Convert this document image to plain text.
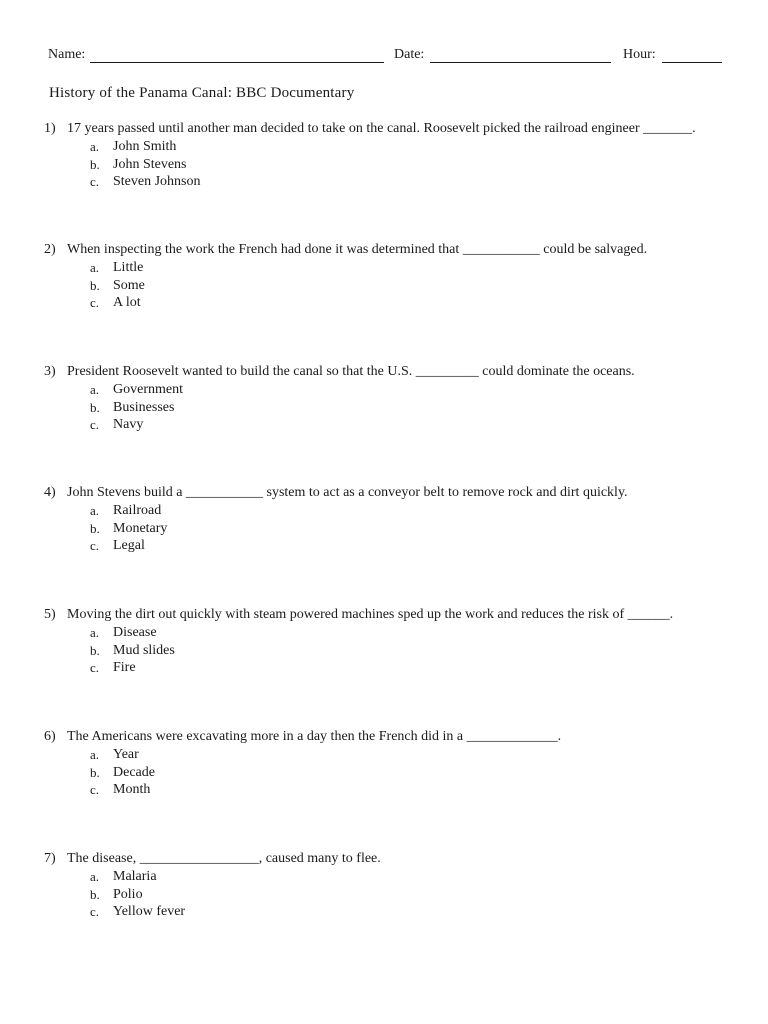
Name:	Date:	Hour:
History of the Panama Canal: BBC Documentary
1) 17 years passed until another man decided to take on the canal. Roosevelt picked the railroad engineer _______.
a. John Smith
b. John Stevens
c. Steven Johnson
2) When inspecting the work the French had done it was determined that ___________ could be salvaged.
a. Little
b. Some
c. A lot
3) President Roosevelt wanted to build the canal so that the U.S. _________ could dominate the oceans.
a. Government
b. Businesses
c. Navy
4) John Stevens build a ___________ system to act as a conveyor belt to remove rock and dirt quickly.
a. Railroad
b. Monetary
c. Legal
5) Moving the dirt out quickly with steam powered machines sped up the work and reduces the risk of ______.
a. Disease
b. Mud slides
c. Fire
6) The Americans were excavating more in a day then the French did in a _____________.
a. Year
b. Decade
c. Month
7) The disease, _________________, caused many to flee.
a. Malaria
b. Polio
c. Yellow fever
